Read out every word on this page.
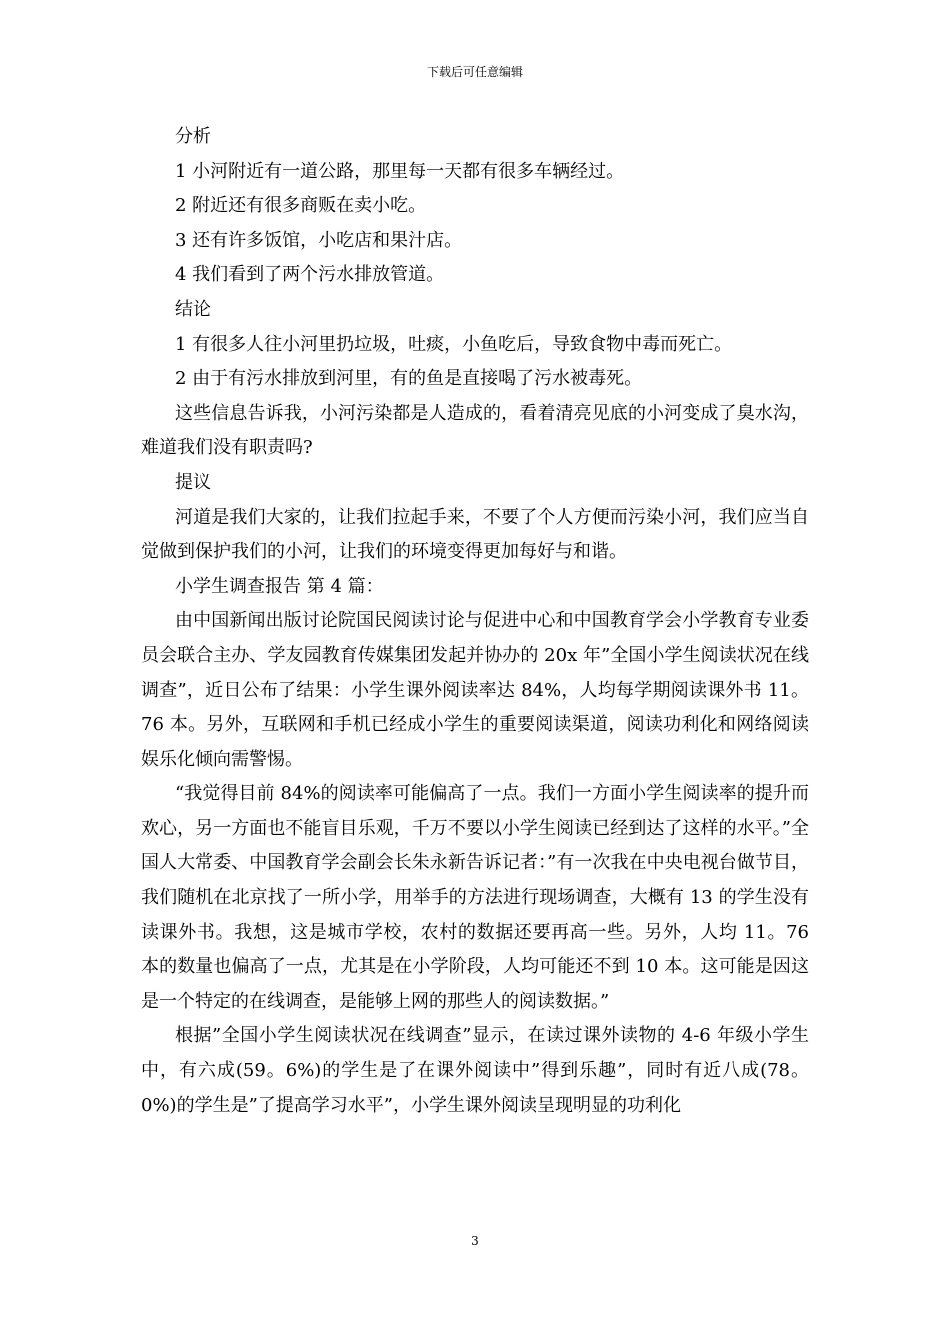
下载后可任意编辑

分析

1 小河附近有一道公路，那里每一天都有很多车辆经过。

2 附近还有很多商贩在卖小吃。

3 还有许多饭馆，小吃店和果汁店。

4 我们看到了两个污水排放管道。

结论

1 有很多人往小河里扔垃圾，吐痰，小鱼吃后，导致食物中毒而死亡。

2 由于有污水排放到河里，有的鱼是直接喝了污水被毒死。

这些信息告诉我，小河污染都是人造成的，看着清亮见底的小河变成了臭水沟，难道我们没有职责吗?

提议

河道是我们大家的，让我们拉起手来，不要了个人方便而污染小河，我们应当自觉做到保护我们的小河，让我们的环境变得更加每好与和谐。

小学生调查报告 第 4 篇：

由中国新闻出版讨论院国民阅读讨论与促进中心和中国教育学会小学教育专业委员会联合主办、学友园教育传媒集团发起并协办的 20x 年”全国小学生阅读状况在线调查”，近日公布了结果：小学生课外阅读率达 84%，人均每学期阅读课外书 11。76 本。另外，互联网和手机已经成小学生的重要阅读渠道，阅读功利化和网络阅读娱乐化倾向需警惕。

“我觉得目前 84%的阅读率可能偏高了一点。我们一方面小学生阅读率的提升而欢心，另一方面也不能盲目乐观，千万不要以小学生阅读已经到达了这样的水平。”全国人大常委、中国教育学会副会长朱永新告诉记者：”有一次我在中央电视台做节目，我们随机在北京找了一所小学，用举手的方法进行现场调查，大概有 13 的学生没有读课外书。我想，这是城市学校，农村的数据还要再高一些。另外，人均 11。76 本的数量也偏高了一点，尤其是在小学阶段，人均可能还不到 10 本。这可能是因这是一个特定的在线调查，是能够上网的那些人的阅读数据。”

根据”全国小学生阅读状况在线调查”显示，在读过课外读物的 4-6 年级小学生中，有六成(59。6%)的学生是了在课外阅读中”得到乐趣”，同时有近八成(78。0%)的学生是”了提高学习水平”，小学生课外阅读呈现明显的功利化

3
